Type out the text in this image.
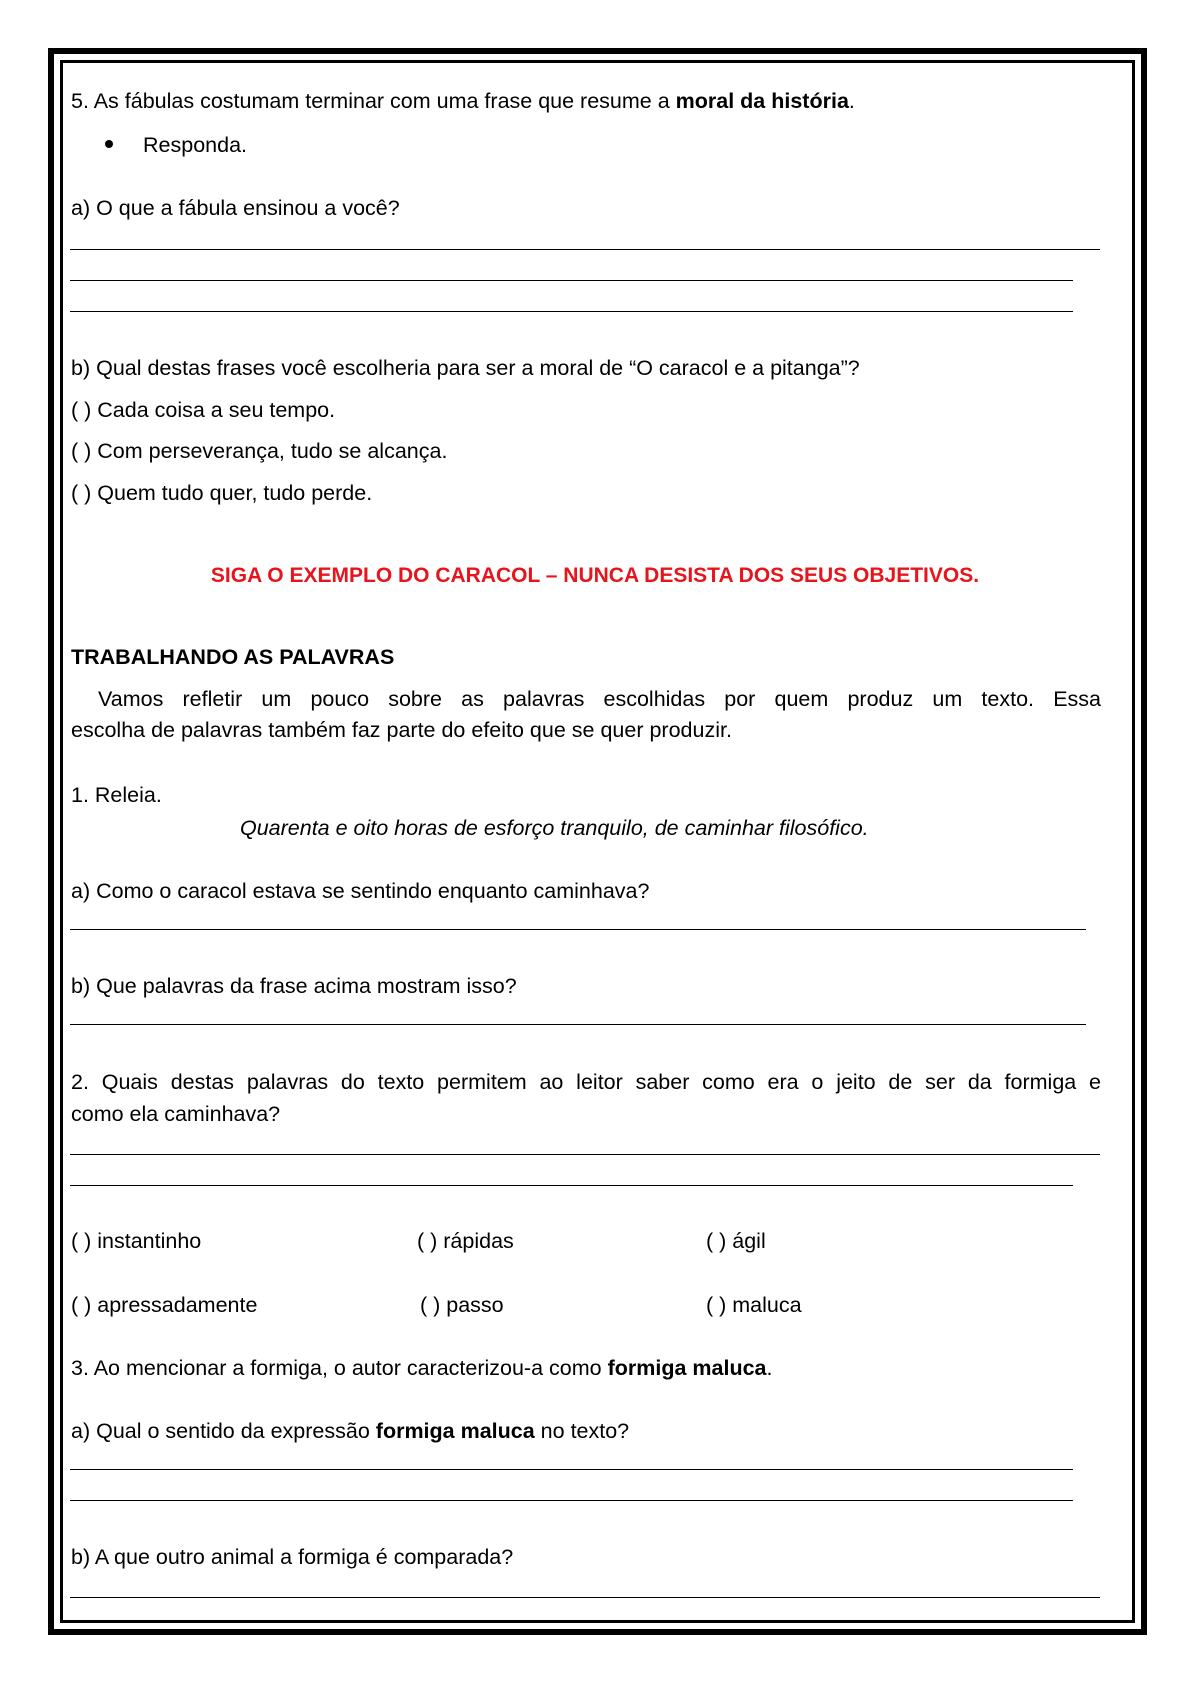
5. As fábulas costumam terminar com uma frase que resume a moral da história.
Responda.
a) O que a fábula ensinou a você?
b) Qual destas frases você escolheria para ser a moral de “O caracol e a pitanga”?
( ) Cada coisa a seu tempo.
( ) Com perseverança, tudo se alcança.
( ) Quem tudo quer, tudo perde.
SIGA O EXEMPLO DO CARACOL – NUNCA DESISTA DOS SEUS OBJETIVOS.
TRABALHANDO AS PALAVRAS
Vamos refletir um pouco sobre as palavras escolhidas por quem produz um texto. Essa
escolha de palavras também faz parte do efeito que se quer produzir.
1. Releia.
Quarenta e oito horas de esforço tranquilo, de caminhar filosófico.
a) Como o caracol estava se sentindo enquanto caminhava?
b) Que palavras da frase acima mostram isso?
2. Quais destas palavras do texto permitem ao leitor saber como era o jeito de ser da formiga e
como ela caminhava?
( ) instantinho	( ) rápidas	( ) ágil
( ) apressadamente	( ) passo	( ) maluca
3. Ao mencionar a formiga, o autor caracterizou-a como formiga maluca.
a) Qual o sentido da expressão formiga maluca no texto?
b) A que outro animal a formiga é comparada?
